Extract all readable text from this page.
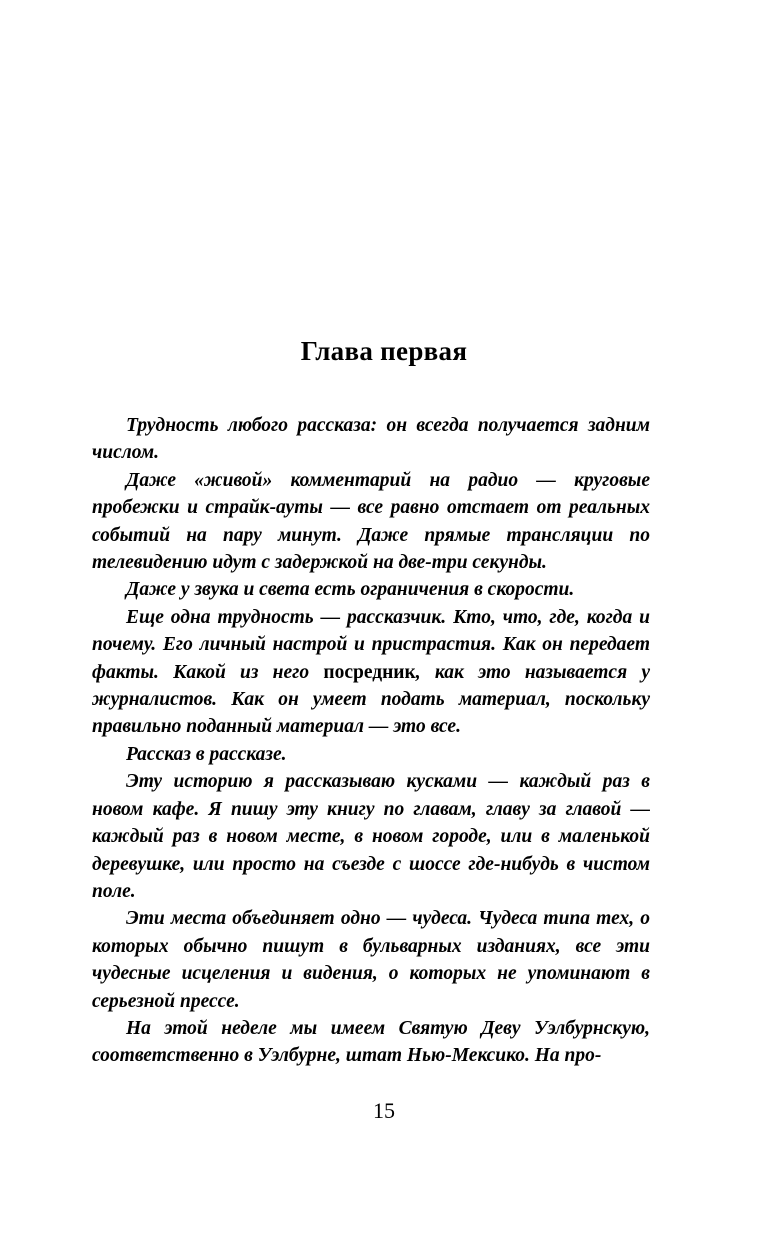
Глава первая

Трудность любого рассказа: он всегда получается задним числом.

Даже «живой» комментарий на радио — круговые пробежки и страйк-ауты — все равно отстает от реальных событий на пару минут. Даже прямые трансляции по телевидению идут с задержкой на две-три секунды.

Даже у звука и света есть ограничения в скорости.

Еще одна трудность — рассказчик. Кто, что, где, когда и почему. Его личный настрой и пристрастия. Как он передает факты. Какой из него посредник, как это называется у журналистов. Как он умеет подать материал, поскольку правильно поданный материал — это все.

Рассказ в рассказе.

Эту историю я рассказываю кусками — каждый раз в новом кафе. Я пишу эту книгу по главам, главу за главой — каждый раз в новом месте, в новом городе, или в маленькой деревушке, или просто на съезде с шоссе где-нибудь в чистом поле.

Эти места объединяет одно — чудеса. Чудеса типа тех, о которых обычно пишут в бульварных изданиях, все эти чудесные исцеления и видения, о которых не упоминают в серьезной прессе.

На этой неделе мы имеем Святую Деву Уэлбурнскую, соответственно в Уэлбурне, штат Нью-Мексико. На про-

15
